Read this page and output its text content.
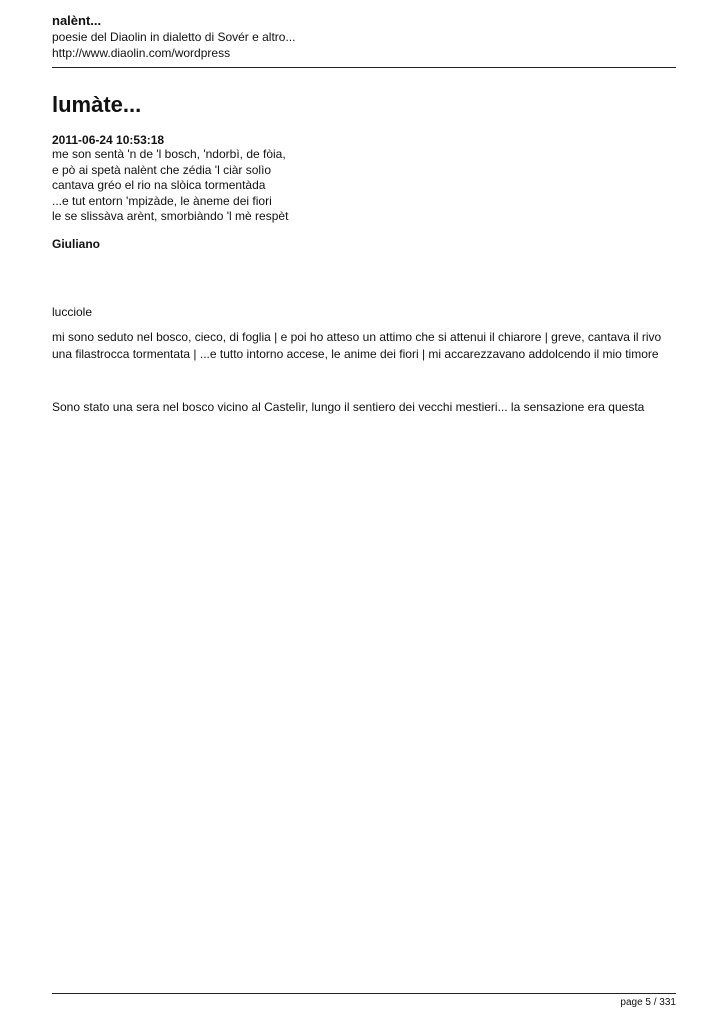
nalènt...
poesie del Diaolin in dialetto di Sovér e altro...
http://www.diaolin.com/wordpress
lumàte...
2011-06-24 10:53:18
me son sentà 'n de 'l bosch, 'ndorbì, de fòia,
e pò ai spetà nalènt che zédia 'l ciàr solìo
cantava gréo el rio na slòica tormentàda
...e tut entorn 'mpizàde, le àneme dei fiori
le se slissàva arènt, smorbiàndo 'l mè respèt
Giuliano
lucciole
mi sono seduto nel bosco, cieco, di foglia | e poi ho atteso un attimo che si attenui il chiarore | greve, cantava il rivo
una filastrocca tormentata | ...e tutto intorno accese, le anime dei fiori | mi accarezzavano addolcendo il mio timore
Sono stato una sera nel bosco vicino al Castelìr, lungo il sentiero dei vecchi mestieri... la sensazione era questa
page 5 / 331
